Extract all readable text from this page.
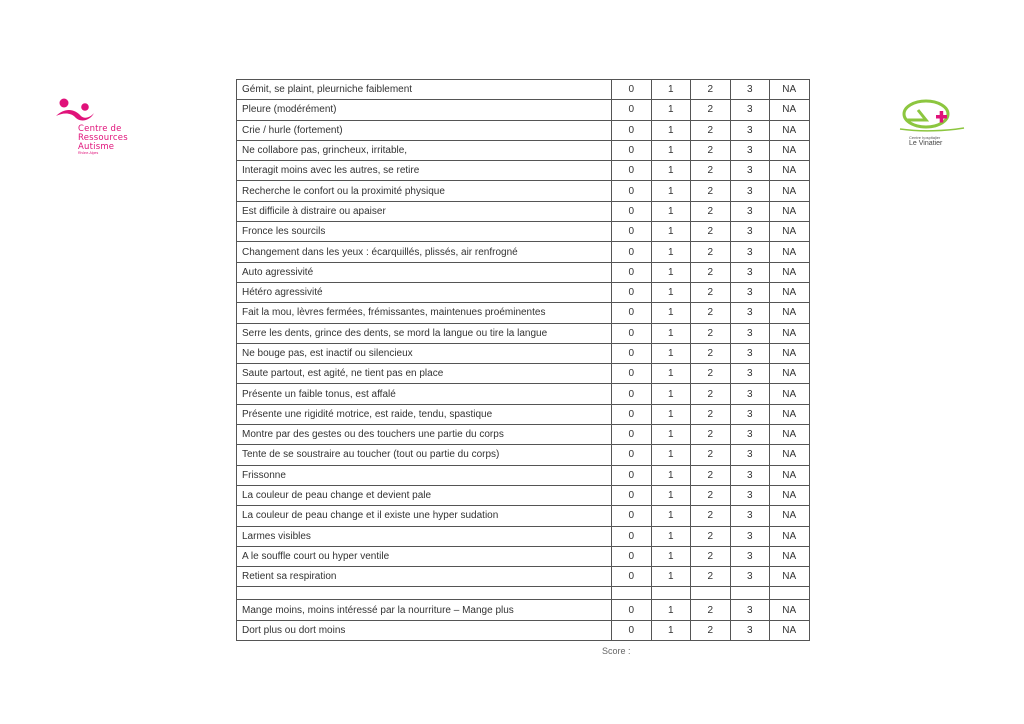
Centre de
Ressources
Autisme
Rhône-Alpes
Centre hospitalier
Le Vinatier
Gémit, se plaint, pleurniche faiblement	0	1	2	3	NA
Pleure (modérément)	0	1	2	3	NA
Crie / hurle (fortement)	0	1	2	3	NA
Ne collabore pas, grincheux, irritable,	0	1	2	3	NA
Interagit moins avec les autres, se retire	0	1	2	3	NA
Recherche le confort ou la proximité physique	0	1	2	3	NA
Est difficile à distraire ou apaiser	0	1	2	3	NA
Fronce les sourcils	0	1	2	3	NA
Changement dans les yeux : écarquillés, plissés, air renfrogné	0	1	2	3	NA
Auto agressivité	0	1	2	3	NA
Hétéro agressivité	0	1	2	3	NA
Fait la mou, lèvres fermées, frémissantes, maintenues proéminentes	0	1	2	3	NA
Serre les dents, grince des dents, se mord la langue ou tire la langue	0	1	2	3	NA
Ne bouge pas, est inactif ou silencieux	0	1	2	3	NA
Saute partout, est agité, ne tient pas en place	0	1	2	3	NA
Présente un faible tonus, est affalé	0	1	2	3	NA
Présente une rigidité motrice, est raide, tendu, spastique	0	1	2	3	NA
Montre par des gestes ou des touchers une partie du corps	0	1	2	3	NA
Tente de se soustraire au toucher (tout ou partie du corps)	0	1	2	3	NA
Frissonne	0	1	2	3	NA
La couleur de peau change et devient pale	0	1	2	3	NA
La couleur de peau change et il existe une hyper sudation	0	1	2	3	NA
Larmes visibles	0	1	2	3	NA
A le souffle court ou hyper ventile	0	1	2	3	NA
Retient sa respiration	0	1	2	3	NA

Mange moins, moins intéressé par la nourriture – Mange plus	0	1	2	3	NA
Dort plus ou dort moins	0	1	2	3	NA
Score :
